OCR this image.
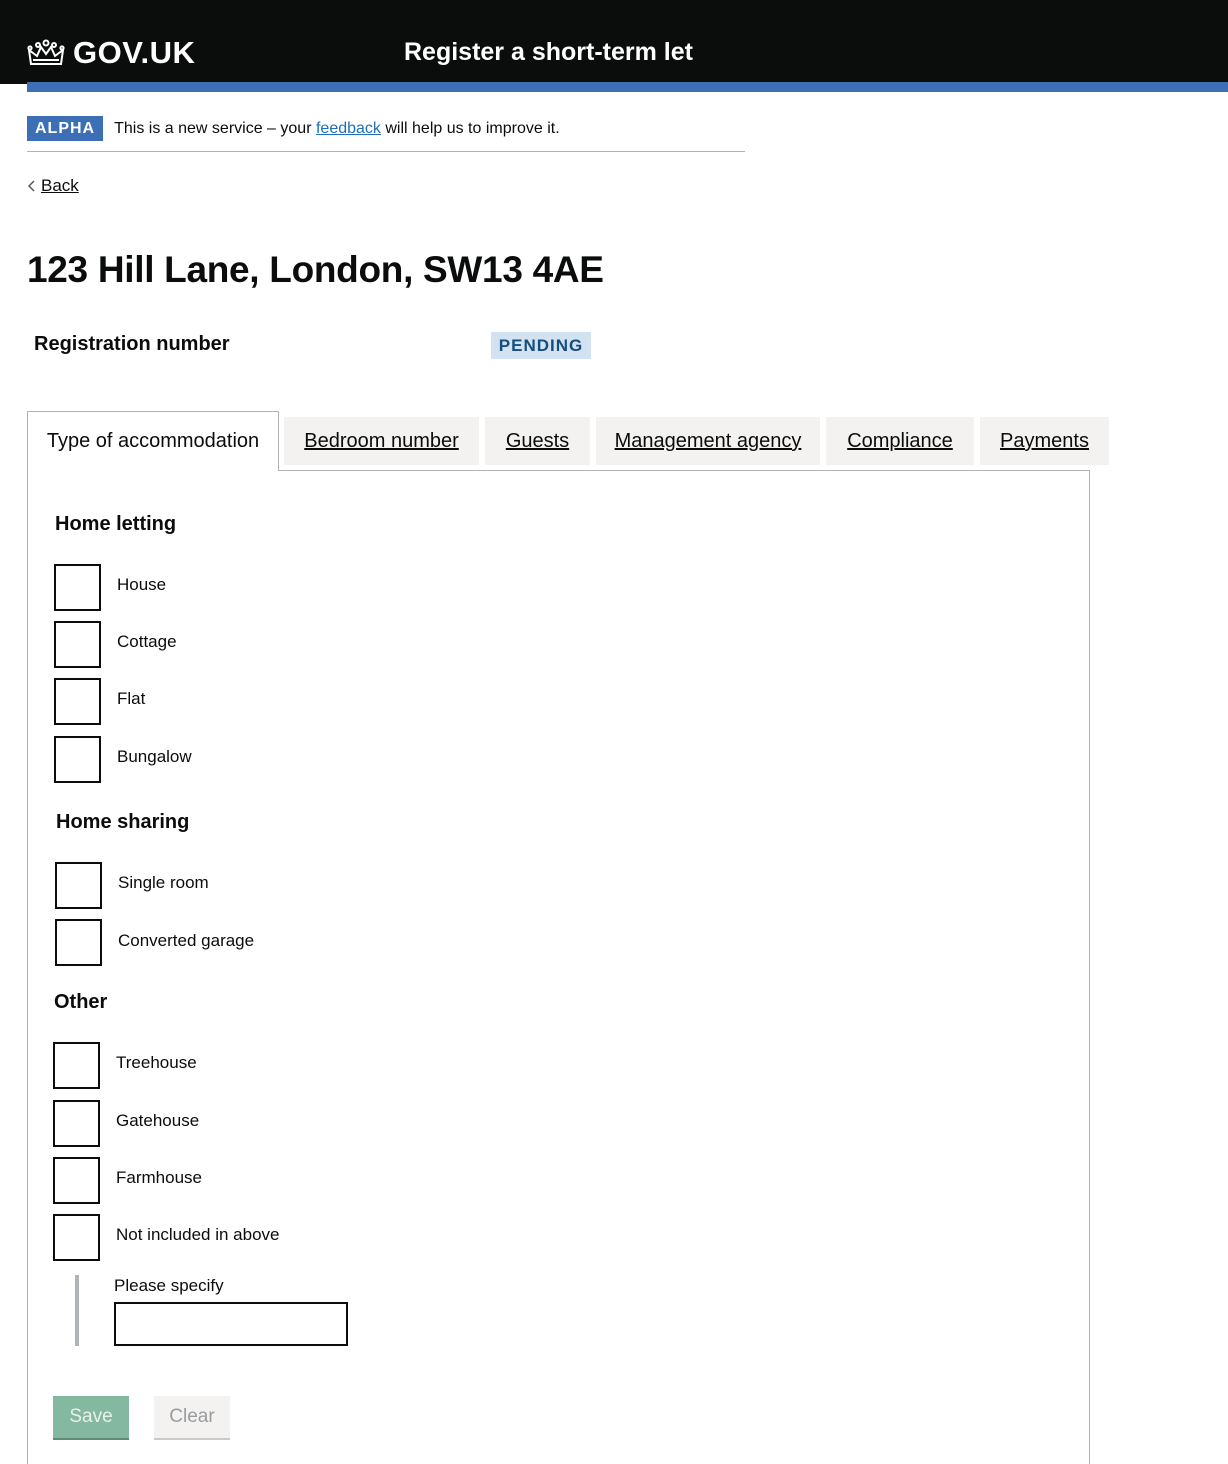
GOV.UK	Register a short-term let
ALPHA	This is a new service – your feedback will help us to improve it.
Back
123 Hill Lane, London, SW13 4AE
Registration number	PENDING
Type of accommodation	Bedroom number	Guests	Management agency	Compliance	Payments
Home letting
House
Cottage
Flat
Bungalow
Home sharing
Single room
Converted garage
Other
Treehouse
Gatehouse
Farmhouse
Not included in above
Please specify
Save	Clear
